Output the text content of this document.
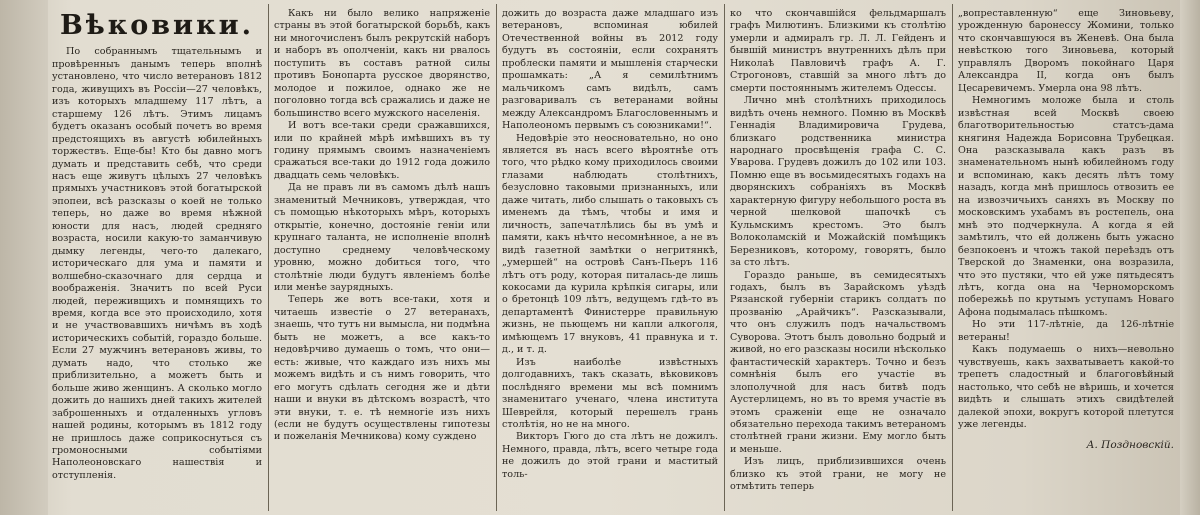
Вѣковики.

По собраннымъ тщательнымъ и провѣренныъ данымъ теперь вполнѣ установлено, что число ветерановъ 1812 года, живущихъ въ Россіи—27 человѣкъ, изъ которыхъ младшему 117 лѣтъ, а старшему 126 лѣтъ. Этимъ лицамъ будетъ оказанъ особый почетъ во время предстоящихъ въ августѣ юбилейныхъ торжествъ. Еще-бы! Кто бы давно могъ думать и представить себѣ, что среди насъ еще живутъ цѣлыхъ 27 человѣкъ прямыхъ участниковъ этой богатырской эпопеи, всѣ разсказы о коей не только теперь, но даже во время нѣжной юности для насъ, людей средняго возраста, носили какую-то заманчивую дымку легенды, чего-то далекаго, историческаго для ума и памяти и волшебно-сказочнаго для сердца и воображенія. Значитъ по всей Руси людей, переживщихъ и помнящихъ то время, когда все это происходило, хотя и не участвовавшихъ ничѣмъ въ ходѣ историческихъ событій, гораздо больше. Если 27 мужчинъ ветерановъ живы, то думать надо, что столько же приблизительно, а можетъ быть и больше живо женщинъ. А сколько могло дожить до нашихъ дней такихъ жителей заброшенныхъ и отдаленныхъ угловъ нашей родины, которымъ въ 1812 году не пришлось даже соприкоснуться съ громоносными событіями Наполеоновскаго нашествія и отступленія.

Какъ ни было велико напряженіе страны въ этой богатырской борьбѣ, какъ ни многочисленъ былъ рекрутскій наборъ и наборъ въ ополченіи, какъ ни рвалось поступить въ составъ ратной силы противъ Бонопарта русское дворянство, молодое и пожилое, однако же не поголовно тогда всѣ сражались и даже не большинство всего мужского населенія.

И вотъ все-таки среди сражавшихся, или по крайней мѣрѣ имѣвшихъ въ ту годину прямымъ своимъ назначеніемъ сражаться все-таки до 1912 года дожило двадцать семь человѣкъ.

Да не правъ ли въ самомъ дѣлѣ нашъ знаменитый Мечниковъ, утверждая, что съ помощью нѣкоторыхъ мѣръ, которыхъ открытіе, конечно, достояніе геніи или крупнаго таланта, не исполненіе вполнѣ доступно среднему человѣческому уровню, можно добиться того, что столѣтніе люди будутъ явленіемъ болѣе или менѣе заурядныхъ.

Теперь же вотъ все-таки, хотя и читаешь известіе о 27 ветеранахъ, знаешь, что тутъ ни вымысла, ни подмѣна быть не можетъ, а все какъ-то недовѣрчиво думаешь о томъ, что они—есть: живые, что каждаго изъ нихъ мы можемъ видѣть и съ нимъ говорить, что его могутъ сдѣлать сегодня же и дѣти наши и внуки въ дѣтскомъ возрастѣ, что эти внуки, т. е. тѣ немногіе изъ нихъ (если не будутъ осуществлены гипотезы и пожеланія Мечникова) кому суждено

дожить до возраста даже младшаго изъ ветерановъ, вспоминая юбилей Отечественной войны въ 2012 году будутъ въ состояніи, если сохранятъ проблески памяти и мышленія старчески прошамкать: „А я семилѣтнимъ мальчикомъ самъ видѣлъ, самъ разговаривалъ съ ветеранами войны между Александромъ Благословеннымъ и Наполеономъ первымъ съ союзниками!“.

Недовѣріе это неосновательно, но оно является въ насъ всего вѣроятнѣе отъ того, что рѣдко кому приходилось своими глазами наблюдать столѣтнихъ, безусловно таковыми признанныхъ, или даже читать, либо слышать о таковыхъ съ именемъ да тѣмъ, чтобы и имя и личность, запечатлѣлись бы въ умѣ и памяти, какъ нѣчто несомнѣнное, а не въ видѣ газетной замѣтки о негритянкѣ, „умершей“ на островѣ Санъ-Пьеръ 116 лѣтъ отъ роду, которая питалась-де лишь кокосами да курила крѣпкія сигары, или о бретонцѣ 109 лѣтъ, ведущемъ гдѣ-то въ департаментѣ Финистерре правильную жизнь, не пьющемъ ни капли алкоголя, имѣющемъ 17 внуковъ, 41 правнука и т. д., и т. д.

Изъ наиболѣе извѣстныхъ долгодавнихъ, такъ сказать, вѣковиковъ послѣдняго времени мы всѣ помнимъ знаменитаго ученаго, члена института Шеврейля, который перешелъ грань столѣтія, но не на много.

Викторъ Гюго до ста лѣтъ не дожилъ. Немного, правда, лѣтъ, всего четыре года не дожилъ до этой грани и маститый толь-

ко что скончавшійся фельдмаршалъ графъ Милютинъ. Близкими къ столѣтію умерли и адмиралъ гр. Л. Л. Гейденъ и бывшій министръ внутреннихъ дѣлъ при Николаѣ Павловичѣ графъ А. Г. Строгоновъ, ставшій за много лѣтъ до смерти постояннымъ жителемъ Одессы.

Лично мнѣ столѣтнихъ приходилось видѣть очень немного. Помню въ Москвѣ Геннадія Владимировича Грудева, близкаго родственника министра народнаго просвѣщенія графа С. С. Уварова. Грудевъ дожилъ до 102 или 103. Помню еще въ восьмидесятыхъ годахъ на дворянскихъ собраніяхъ въ Москвѣ характерную фигуру небольшого роста въ черной шелковой шапочкѣ съ Кульмскимъ крестомъ. Это былъ Волоколамскій и Можайскій помѣщикъ Березниковъ, которому, говорятъ, было за сто лѣтъ.

Гораздо раньше, въ семидесятыхъ годахъ, былъ въ Зарайскомъ уѣздѣ Рязанской губерніи старикъ солдатъ по прозванію „Арайчикъ“. Разсказывали, что онъ служилъ подъ начальствомъ Суворова. Этотъ былъ довольно бодрый и живой, но его разсказы носили нѣсколько фантастическій характеръ. Точно и безъ сомнѣнія былъ его участіе въ злополучной для насъ битвѣ подъ Аустерлицемъ, но въ то время участіе въ этомъ сраженіи еще не означало обязательно перехода такимъ ветераномъ столѣтней грани жизни. Ему могло быть и меньше.

Изъ лицъ, приблизившихся очень близко къ этой грани, не могу не отмѣтить теперь

„вопреставленную“ еще Зиновьеву, урожденную баронессу Жомини, только что скончавшуюся въ Женевѣ. Она была невѣсткою того Зиновьева, который управлялъ Дворомъ покойнаго Царя Александра II, когда онъ былъ Цесаревичемъ. Умерла она 98 лѣтъ.

Немногимъ моложе была и столь извѣстная всей Москвѣ своею благотворительностью статсъ-дама княгиня Надежда Борисовна Трубецкая. Она разсказывала какъ разъ въ знаменательномъ нынѣ юбилейномъ году и вспоминаю, какъ десять лѣтъ тому назадъ, когда мнѣ пришлось отвозить ее на извозчичьихъ саняхъ въ Москву по московскимъ ухабамъ въ ростепель, она мнѣ это подчеркнула. А когда я ей замѣтилъ, что ей должень быть ужасно безпокоенъ и чтожъ такой переѣздъ отъ Тверской до Знаменки, она возразила, что это пустяки, что ей уже пятьдесятъ лѣтъ, когда она на Черноморскомъ побережьѣ по крутымъ уступамъ Новаго Афона подымалась пѣшкомъ.

Но эти 117-лѣтніе, да 126-лѣтніе ветераны!

Какъ подумаешь о нихъ—невольно чувствуешь, какъ захватываетъ какой-то трепетъ сладостный и благоговѣйный настолько, что себѣ не вѣришь, и хочется видѣть и слышать этихъ свидѣтелей далекой эпохи, вокругъ которой плетутся уже легенды.

А. Поздновскій.
